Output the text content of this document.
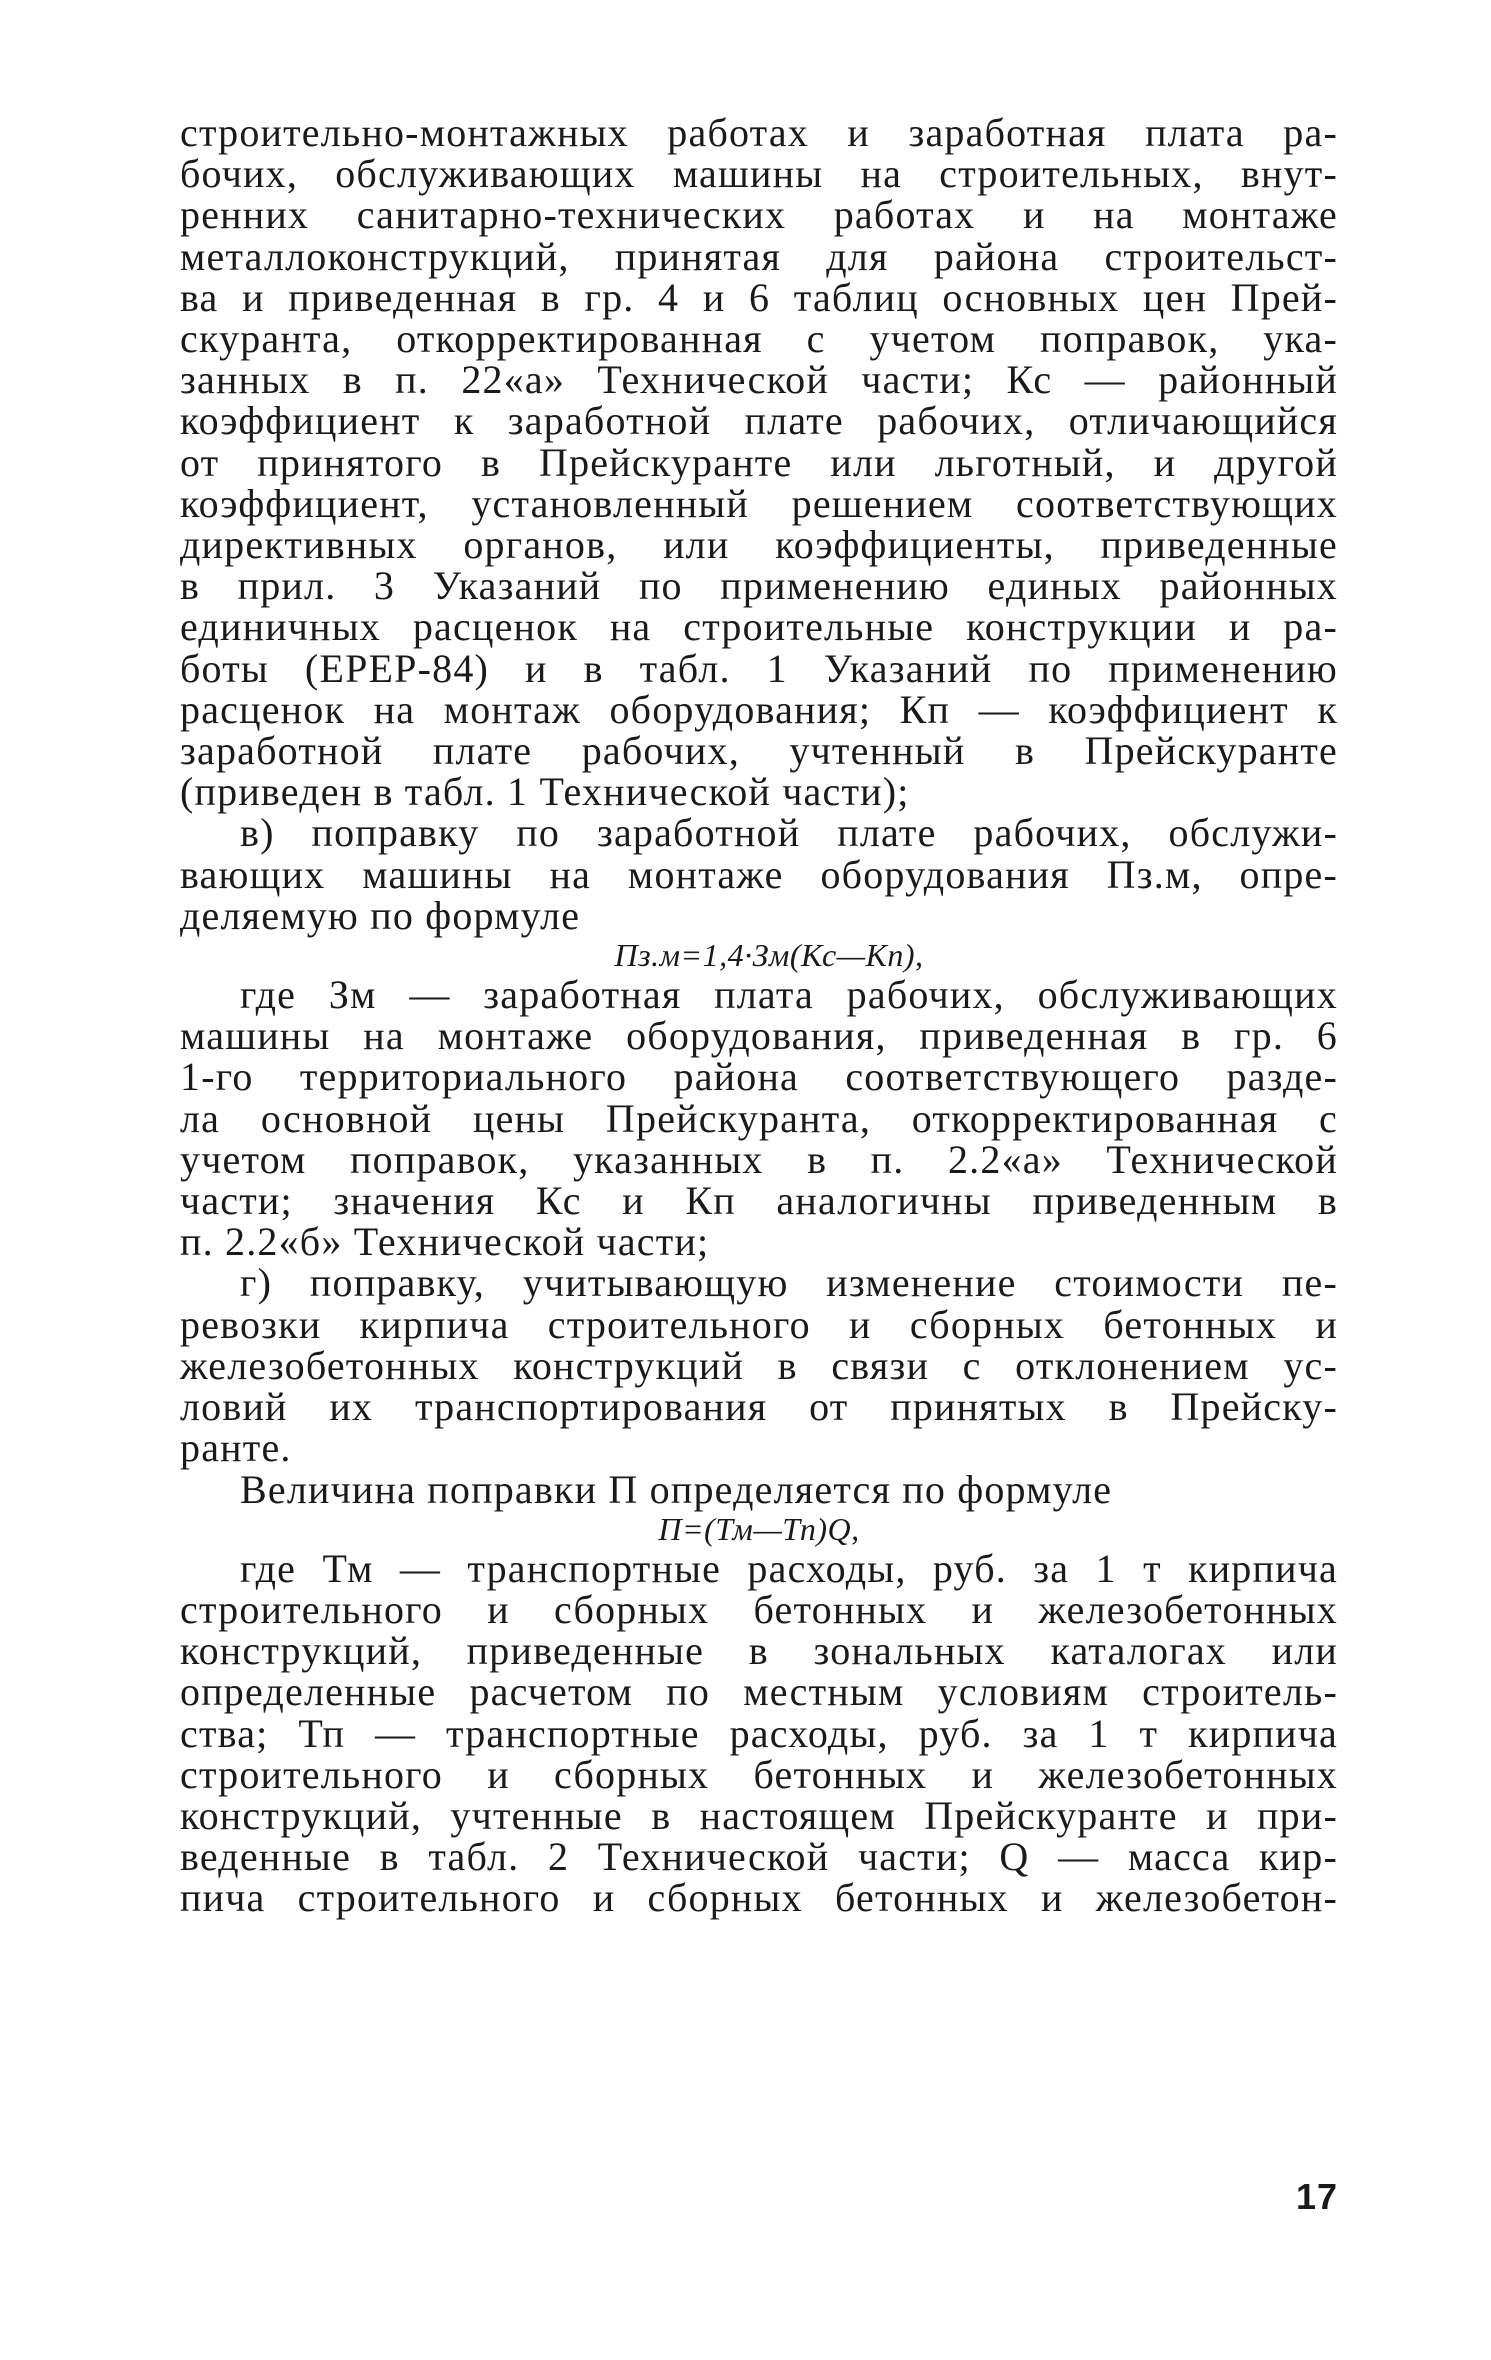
строительно-монтажных работах и заработная плата ра-
бочих, обслуживающих машины на строительных, внут-
ренних санитарно-технических работах и на монтаже
металлоконструкций, принятая для района строительст-
ва и приведенная в гр. 4 и 6 таблиц основных цен Прей-
скуранта, откорректированная с учетом поправок, ука-
занных в п. 22«а» Технической части; Кс — районный
коэффициент к заработной плате рабочих, отличающийся
от принятого в Прейскуранте или льготный, и другой
коэффициент, установленный решением соответствующих
директивных органов, или коэффициенты, приведенные
в прил. 3 Указаний по применению единых районных
единичных расценок на строительные конструкции и ра-
боты (ЕРЕР-84) и в табл. 1 Указаний по применению
расценок на монтаж оборудования; Кп — коэффициент к
заработной плате рабочих, учтенный в Прейскуранте
(приведен в табл. 1 Технической части);
в) поправку по заработной плате рабочих, обслужи-
вающих машины на монтаже оборудования Пз.м, опре-
деляемую по формуле
Пз.м=1,4·Зм(Кс—Кп),
где Зм — заработная плата рабочих, обслуживающих
машины на монтаже оборудования, приведенная в гр. 6
1-го территориального района соответствующего разде-
ла основной цены Прейскуранта, откорректированная с
учетом поправок, указанных в п. 2.2«а» Технической
части; значения Кс и Кп аналогичны приведенным в
п. 2.2«б» Технической части;
г) поправку, учитывающую изменение стоимости пе-
ревозки кирпича строительного и сборных бетонных и
железобетонных конструкций в связи с отклонением ус-
ловий их транспортирования от принятых в Прейску-
ранте.
Величина поправки П определяется по формуле
П=(Тм—Тп)Q,
где Тм — транспортные расходы, руб. за 1 т кирпича
строительного и сборных бетонных и железобетонных
конструкций, приведенные в зональных каталогах или
определенные расчетом по местным условиям строитель-
ства; Тп — транспортные расходы, руб. за 1 т кирпича
строительного и сборных бетонных и железобетонных
конструкций, учтенные в настоящем Прейскуранте и при-
веденные в табл. 2 Технической части; Q — масса кир-
пича строительного и сборных бетонных и железобетон-
17
